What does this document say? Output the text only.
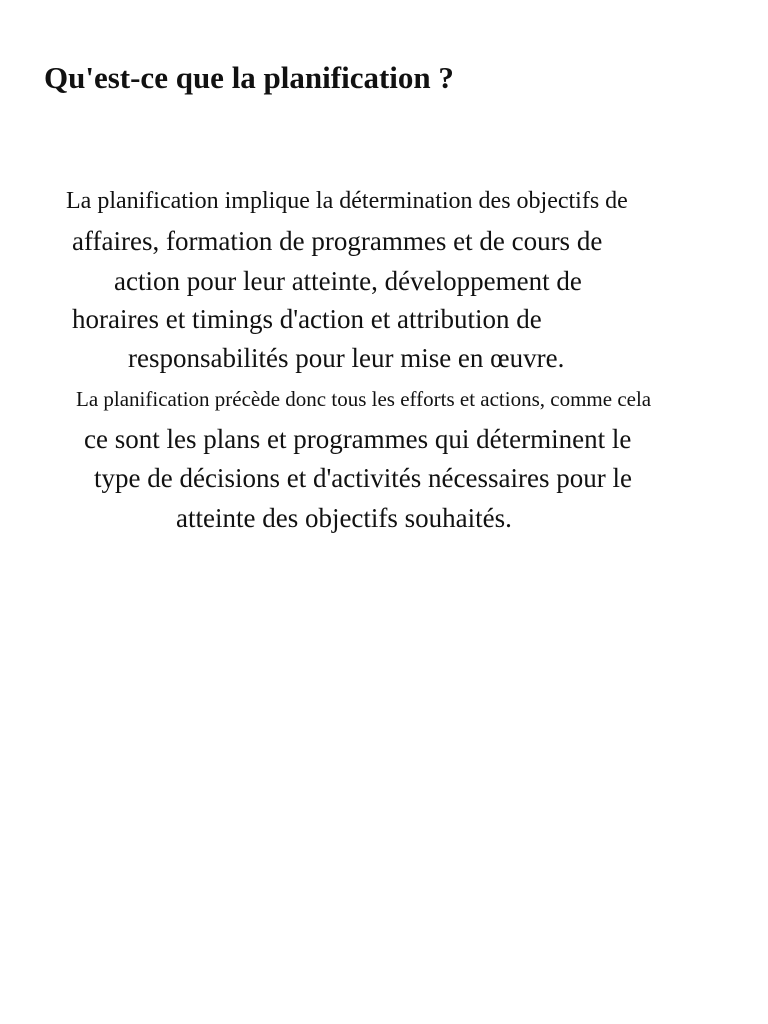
Qu'est-ce que la planification ?
La planification implique la détermination des objectifs de
affaires, formation de programmes et de cours de
action pour leur atteinte, développement de
horaires et timings d'action et attribution de
responsabilités pour leur mise en œuvre.
La planification précède donc tous les efforts et actions, comme cela
ce sont les plans et programmes qui déterminent le
type de décisions et d'activités nécessaires pour le
atteinte des objectifs souhaités.
